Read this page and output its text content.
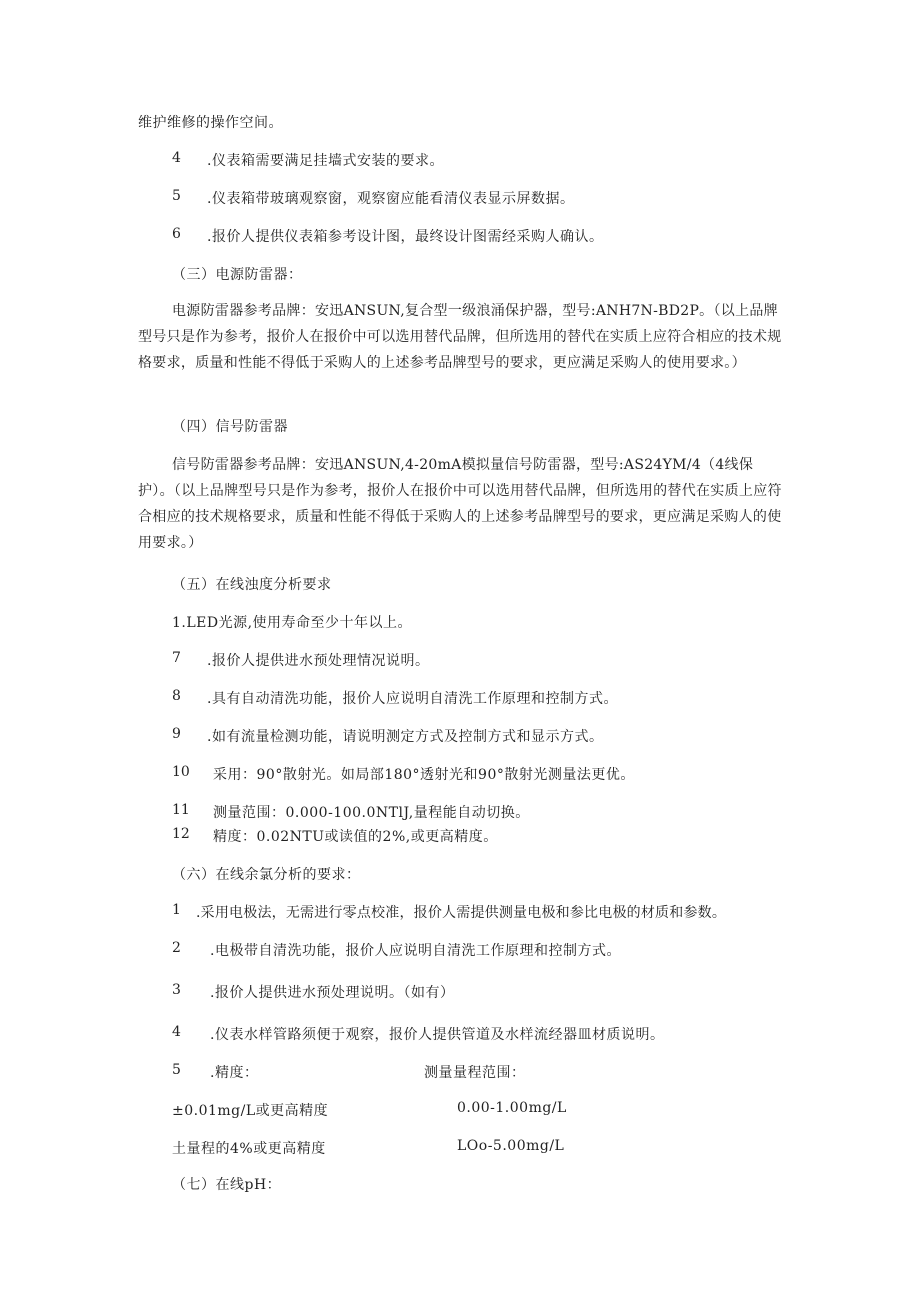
维护维修的操作空间。
4 .仪表箱需要满足挂墙式安装的要求。
5 .仪表箱带玻璃观察窗，观察窗应能看清仪表显示屏数据。
6 .报价人提供仪表箱参考设计图，最终设计图需经采购人确认。
（三）电源防雷器：
电源防雷器参考品牌：安迅ANSUN,复合型一级浪涌保护器，型号:ANH7N-BD2P。（以上品牌型号只是作为参考，报价人在报价中可以选用替代品牌，但所选用的替代在实质上应符合相应的技术规格要求，质量和性能不得低于采购人的上述参考品牌型号的要求，更应满足采购人的使用要求。）
（四）信号防雷器
信号防雷器参考品牌：安迅ANSUN,4-20mA模拟量信号防雷器，型号:AS24YM/4（4线保护）。（以上品牌型号只是作为参考，报价人在报价中可以选用替代品牌，但所选用的替代在实质上应符合相应的技术规格要求，质量和性能不得低于采购人的上述参考品牌型号的要求，更应满足采购人的使用要求。）
（五）在线浊度分析要求
1.LED光源,使用寿命至少十年以上。
7 .报价人提供进水预处理情况说明。
8 .具有自动清洗功能，报价人应说明自清洗工作原理和控制方式。
9 .如有流量检测功能，请说明测定方式及控制方式和显示方式。
10 采用：90°散射光。如局部180°透射光和90°散射光测量法更优。
11 测量范围：0.000-100.0NTlJ,量程能自动切换。
12 精度：0.02NTU或读值的2%,或更高精度。
（六）在线余氯分析的要求：
1 .采用电极法，无需进行零点校准，报价人需提供测量电极和参比电极的材质和参数。
2 .电极带自清洗功能，报价人应说明自清洗工作原理和控制方式。
3 .报价人提供进水预处理说明。（如有）
4 .仪表水样管路须便于观察，报价人提供管道及水样流经器皿材质说明。
5 .精度：	测量量程范围：
±0.01mg/L或更高精度	0.00-1.00mg/L
土量程的4%或更高精度	LOo-5.00mg/L
（七）在线pH：
